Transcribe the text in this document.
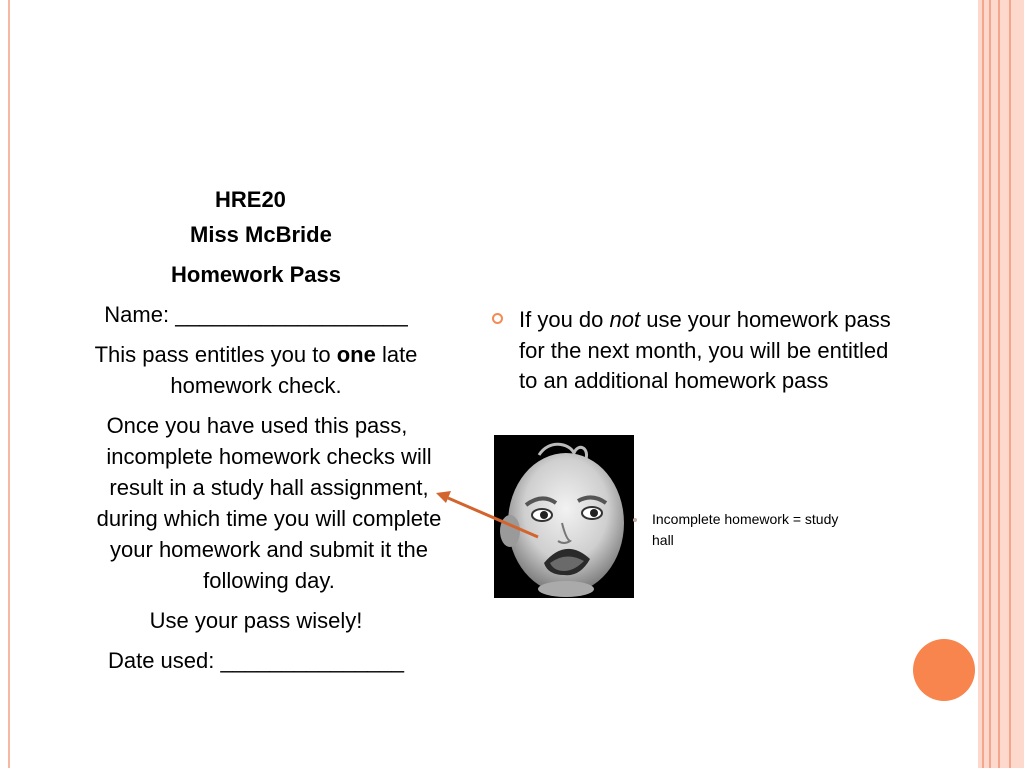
HRE20
Miss McBride
Homework Pass
Name: ___________________
This pass entitles you to one late homework check.
Once you have used this pass, incomplete homework checks will result in a study hall assignment, during which time you will complete your homework and submit it the following day.
Use your pass wisely!
Date used: _______________
If you do not use your homework pass for the next month, you will be entitled to an additional homework pass
Incomplete homework = study hall
